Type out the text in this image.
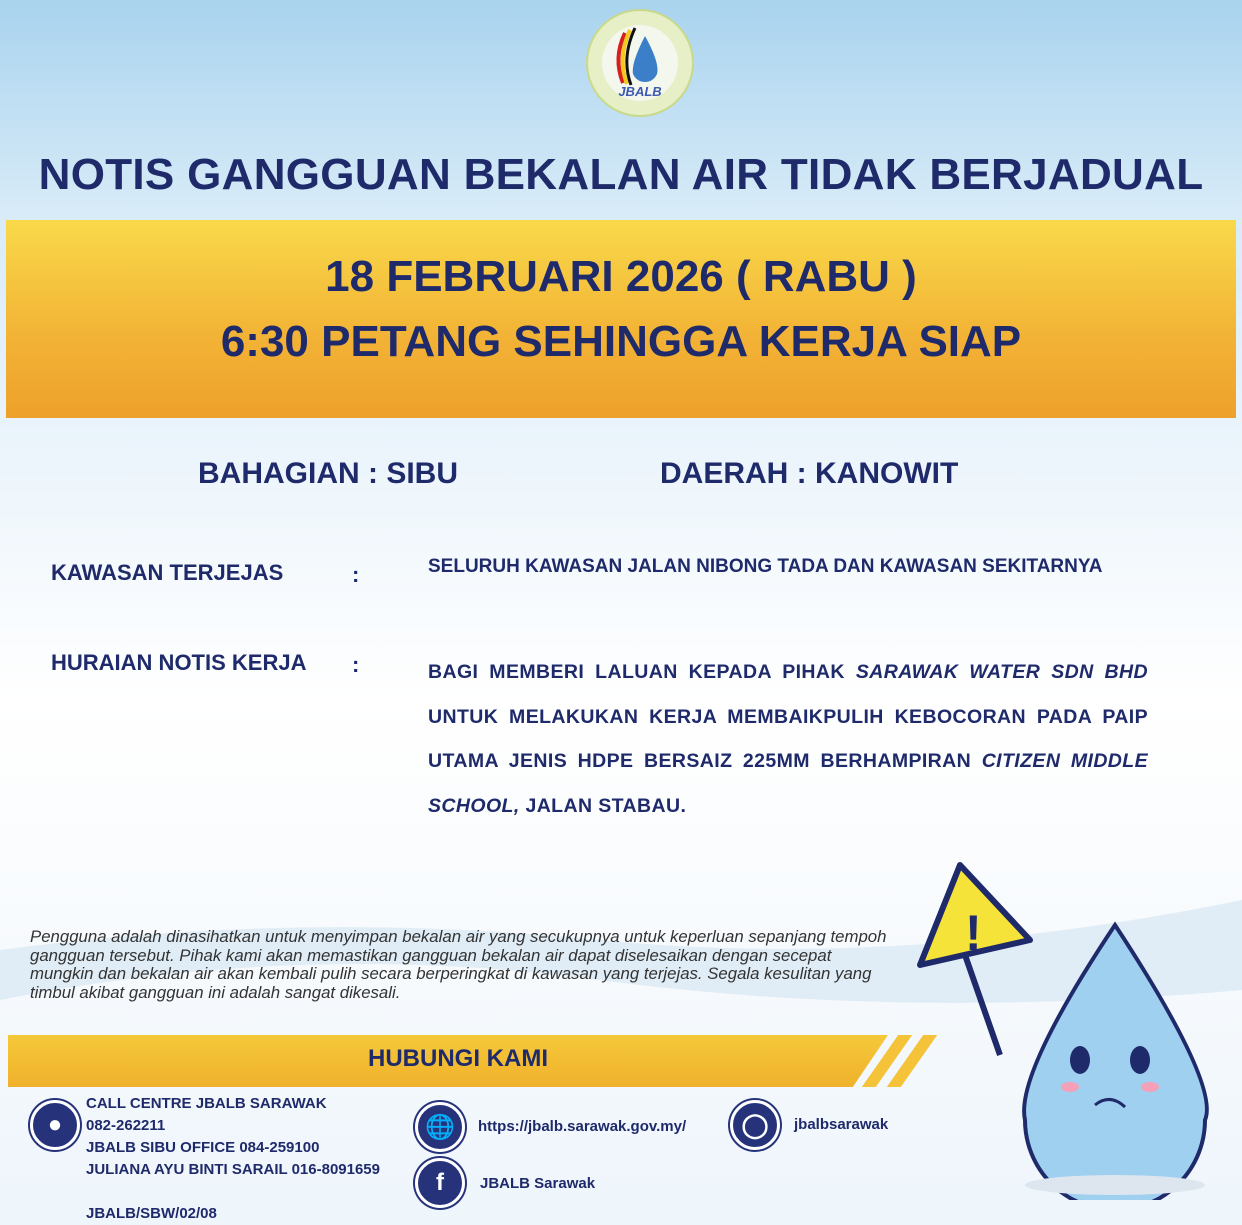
JBALB
NOTIS GANGGUAN BEKALAN AIR TIDAK BERJADUAL
18 FEBRUARI 2026 ( RABU )
6:30 PETANG SEHINGGA KERJA SIAP
BAHAGIAN : SIBU	DAERAH : KANOWIT
KAWASAN TERJEJAS	:	SELURUH KAWASAN JALAN NIBONG TADA DAN KAWASAN SEKITARNYA
HURAIAN NOTIS KERJA :	BAGI MEMBERI LALUAN KEPADA PIHAK SARAWAK WATER SDN BHD UNTUK MELAKUKAN KERJA MEMBAIKPULIH KEBOCORAN PADA PAIP UTAMA JENIS HDPE BERSAIZ 225MM BERHAMPIRAN CITIZEN MIDDLE SCHOOL, JALAN STABAU.
Pengguna adalah dinasihatkan untuk menyimpan bekalan air yang secukupnya untuk keperluan sepanjang tempoh gangguan tersebut. Pihak kami akan memastikan gangguan bekalan air dapat diselesaikan dengan secepat mungkin dan bekalan air akan kembali pulih secara berperingkat di kawasan yang terjejas. Segala kesulitan yang timbul akibat gangguan ini adalah sangat dikesali.
HUBUNGI KAMI
●
CALL CENTRE JBALB SARAWAK
082-262211
JBALB SIBU OFFICE 084-259100
JULIANA AYU BINTI SARAIL 016-8091659
JBALB/SBW/02/08
🌐	https://jbalb.sarawak.gov.my/
f	JBALB Sarawak
◯	jbalbsarawak
!
